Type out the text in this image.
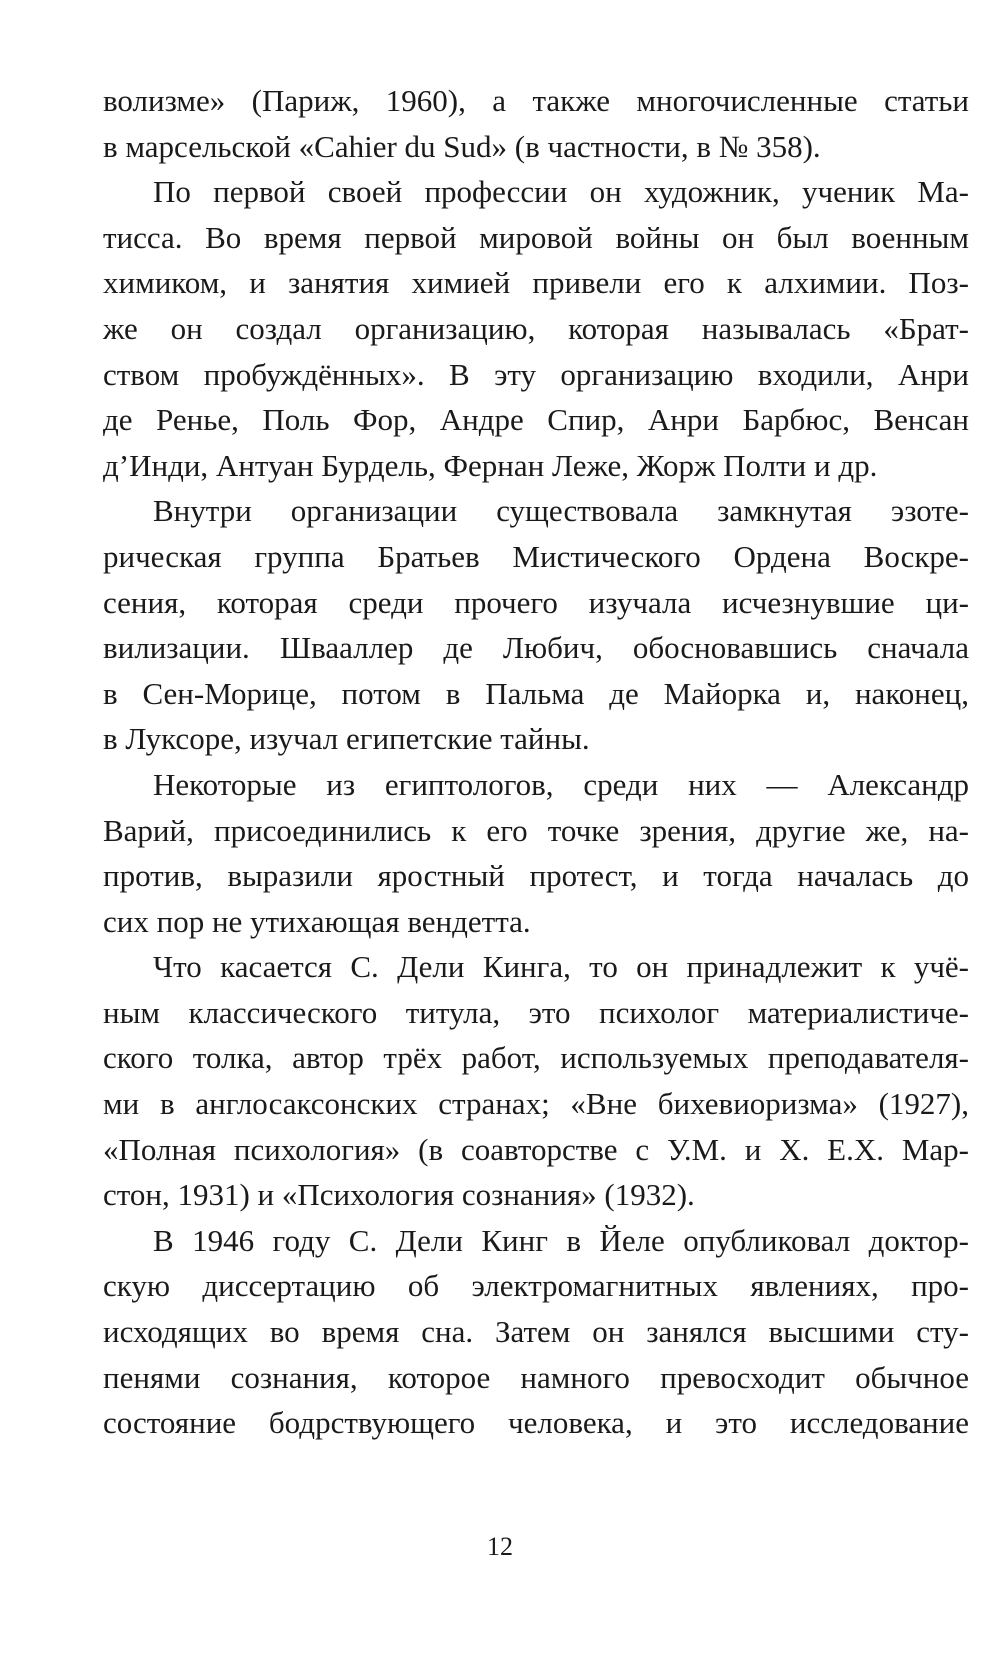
волизме» (Париж, 1960), а также многочисленные статьи
в марсельской «Cahier du Sud» (в частности, в № 358).
По первой своей профессии он художник, ученик Ма-
тисса. Во время первой мировой войны он был военным
химиком, и занятия химией привели его к алхимии. Поз-
же он создал организацию, которая называлась «Брат-
ством пробуждённых». В эту организацию входили, Анри
де Ренье, Поль Фор, Андре Спир, Анри Барбюс, Венсан
д’Инди, Антуан Бурдель, Фернан Леже, Жорж Полти и др.
Внутри организации существовала замкнутая эзоте-
рическая группа Братьев Мистического Ордена Воскре-
сения, которая среди прочего изучала исчезнувшие ци-
вилизации. Швааллер де Любич, обосновавшись сначала
в Сен-Морице, потом в Пальма де Майорка и, наконец,
в Луксоре, изучал египетские тайны.
Некоторые из египтологов, среди них — Александр
Варий, присоединились к его точке зрения, другие же, на-
против, выразили яростный протест, и тогда началась до
сих пор не утихающая вендетта.
Что касается С. Дели Кинга, то он принадлежит к учё-
ным классического титула, это психолог материалистиче-
ского толка, автор трёх работ, используемых преподавателя-
ми в англосаксонских странах; «Вне бихевиоризма» (1927),
«Полная психология» (в соавторстве с У.М. и Х. Е.Х. Мар-
стон, 1931) и «Психология сознания» (1932).
В 1946 году С. Дели Кинг в Йеле опубликовал доктор-
скую диссертацию об электромагнитных явлениях, про-
исходящих во время сна. Затем он занялся высшими сту-
пенями сознания, которое намного превосходит обычное
состояние бодрствующего человека, и это исследование
12
